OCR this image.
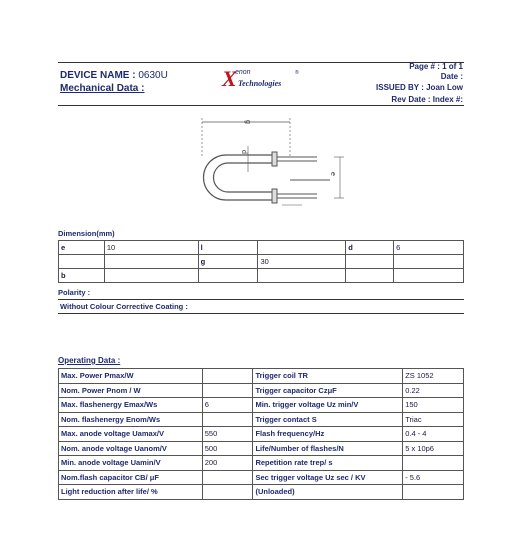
DEVICE NAME : 0630U
Mechanical Data :	X
enon
Technologies
®
Page # : 1 of 1
Date :
ISSUED BY : Joan Low
Rev Date : Index #:
g
d
e
Dimension(mm)
e	10	l		d	6
		g	30		
b					
Polarity :
Without Colour Corrective Coating :
Operating Data :
Max. Power Pmax/W		Trigger coil TR	ZS 1052
Nom. Power Pnom / W		Trigger capacitor CzμF	0.22
Max. flashenergy Emax/Ws	6	Min. trigger voltage Uz min/V	150
Nom. flashenergy Enom/Ws		Trigger contact S	Triac
Max. anode voltage Uamax/V	550	Flash frequency/Hz	0.4 - 4
Nom. anode voltage Uanom/V	500	Life/Number of flashes/N	5 x 10p6
Min. anode voltage Uamin/V	200	Repetition rate trep/ s	
Nom.flash capacitor CB/ μF		Sec trigger voltage Uz sec / KV	- 5.6
Light reduction after life/ %		(Unloaded)	
